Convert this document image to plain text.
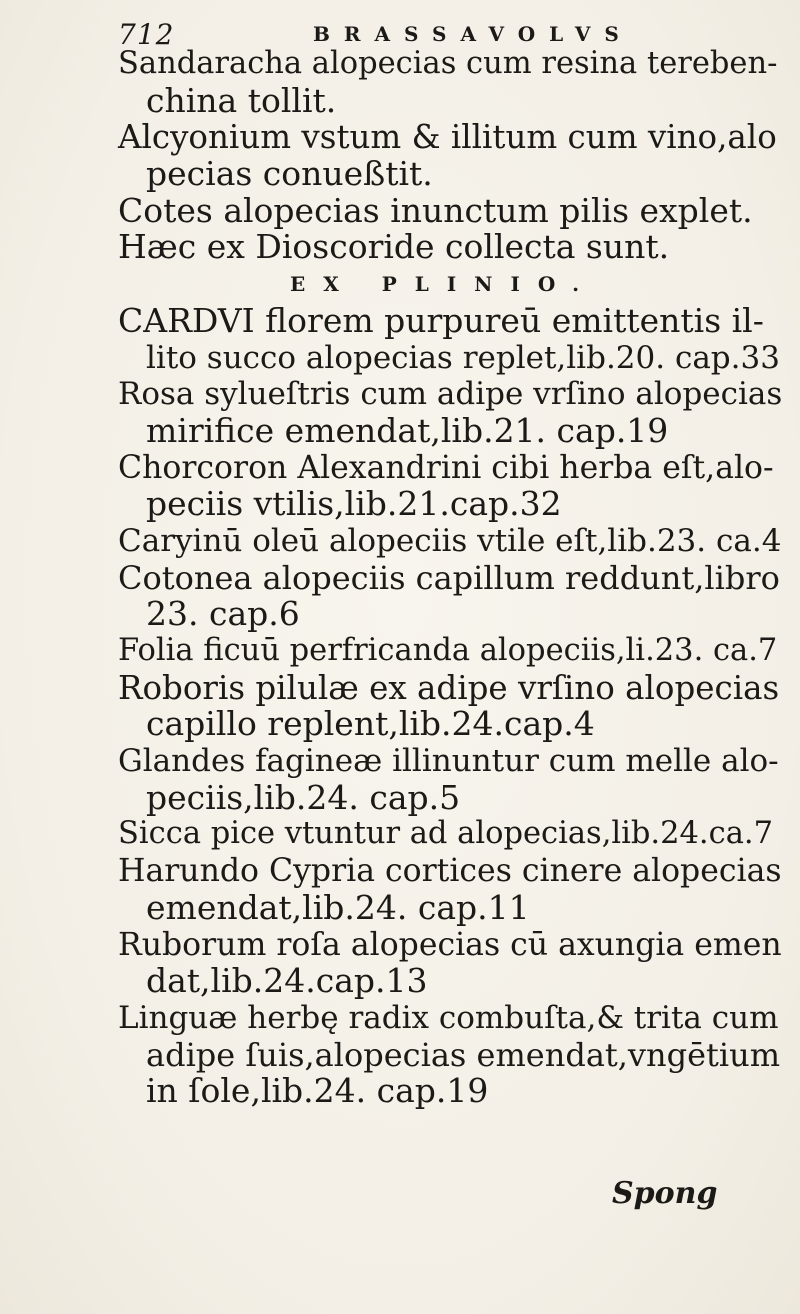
712	BRASSAVOLVS
Sandaracha alopecias cum resina tereben-
china tollit.
Alcyonium vstum & illitum cum vino,alo
pecias conueßtit.
Cotes alopecias inunctum pilis explet.
Hæc ex Dioscoride collecta sunt.
EX PLINIO.
CARDVI florem purpureū emittentis il-
lito succo alopecias replet,lib.20. cap.33
Rosa sylueſtris cum adipe vrſino alopecias
mirifice emendat,lib.21. cap.19
Chorcoron Alexandrini cibi herba eſt,alo-
peciis vtilis,lib.21.cap.32
Caryinū oleū alopeciis vtile eſt,lib.23. ca.4
Cotonea alopeciis capillum reddunt,libro
23. cap.6
Folia ficuū perfricanda alopeciis,li.23. ca.7
Roboris pilulæ ex adipe vrſino alopecias
capillo replent,lib.24.cap.4
Glandes fagineæ illinuntur cum melle alo-
peciis,lib.24. cap.5
Sicca pice vtuntur ad alopecias,lib.24.ca.7
Harundo Cypria cortices cinere alopecias
emendat,lib.24. cap.11
Ruborum roſa alopecias cū axungia emen
dat,lib.24.cap.13
Linguæ herbę radix combuſta,& trita cum
adipe ſuis,alopecias emendat,vngētium
in ſole,lib.24. cap.19
Spong
